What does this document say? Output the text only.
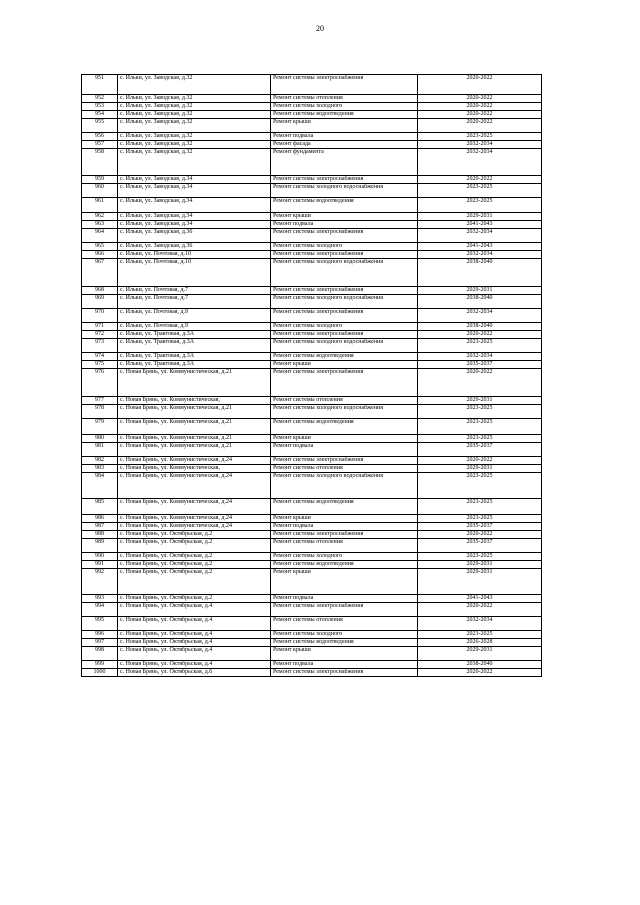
20
951	с. Ильки, ул. Заводская, д.32	Ремонт системы электроснабжения	2020-2022
952	с. Ильки, ул. Заводская, д.32	Ремонт системы отопления	2020-2022
953	с. Ильки, ул. Заводская, д.32	Ремонт системы холодного	2020-2022
954	с. Ильки, ул. Заводская, д.32	Ремонт системы водоотведения	2020-2022
955	с. Ильки, ул. Заводская, д.32	Ремонт крыши	2020-2022
956	с. Ильки, ул. Заводская, д.32	Ремонт подвала	2023-2025
957	с. Ильки, ул. Заводская, д.32	Ремонт фасада	2032-2034
958	с. Ильки, ул. Заводская, д.32	Ремонт фундамента	2032-2034
959	с. Ильки, ул. Заводская, д.34	Ремонт системы электроснабжения	2020-2022
960	с. Ильки, ул. Заводская, д.34	Ремонт системы холодного водоснабжения	2023-2025
961	с. Ильки, ул. Заводская, д.34	Ремонт системы водоотведения	2023-2025
962	с. Ильки, ул. Заводская, д.34	Ремонт крыши	2029-2031
963	с. Ильки, ул. Заводская, д.34	Ремонт подвала	2041-2043
964	с. Ильки, ул. Заводская, д.36	Ремонт системы электроснабжения	2032-2034
965	с. Ильки, ул. Заводская, д.36	Ремонт системы холодного	2041-2043
966	с. Ильки, ул. Почтовая, д.10	Ремонт системы электроснабжения	2032-2034
967	с. Ильки, ул. Почтовая, д.10	Ремонт системы холодного водоснабжения	2038-2040
968	с. Ильки, ул. Почтовая, д.7	Ремонт системы электроснабжения	2029-2031
969	с. Ильки, ул. Почтовая, д.7	Ремонт системы холодного водоснабжения	2038-2040
970	с. Ильки, ул. Почтовая, д.9	Ремонт системы электроснабжения	2032-2034
971	с. Ильки, ул. Почтовая, д.9	Ремонт системы холодного	2038-2040
972	с. Ильки, ул. Трактовая, д.3А	Ремонт системы электроснабжения	2020-2022
973	с. Ильки, ул. Трактовая, д.3А	Ремонт системы холодного водоснабжения	2023-2025
974	с. Ильки, ул. Трактовая, д.3А	Ремонт системы водоотведения	2032-2034
975	с. Ильки, ул. Трактовая, д.3А	Ремонт крыши	2035-2037
976	с. Новая Брянь, ул. Коммунистическая, д.21	Ремонт системы электроснабжения	2020-2022
977	с. Новая Брянь, ул. Коммунистическая,	Ремонт системы отопления	2029-2031
978	с. Новая Брянь, ул. Коммунистическая, д.21	Ремонт системы холодного водоснабжения	2023-2025
979	с. Новая Брянь, ул. Коммунистическая, д.21	Ремонт системы водоотведения	2023-2025
980	с. Новая Брянь, ул. Коммунистическая, д.21	Ремонт крыши	2023-2025
981	с. Новая Брянь, ул. Коммунистическая, д.21	Ремонт подвала	2035-2037
982	с. Новая Брянь, ул. Коммунистическая, д.24	Ремонт системы электроснабжения	2020-2022
983	с. Новая Брянь, ул. Коммунистическая,	Ремонт системы отопления	2029-2031
984	с. Новая Брянь, ул. Коммунистическая, д.24	Ремонт системы холодного водоснабжения	2023-2025
985	с. Новая Брянь, ул. Коммунистическая, д.24	Ремонт системы водоотведения	2023-2025
986	с. Новая Брянь, ул. Коммунистическая, д.24	Ремонт крыши	2023-2025
987	с. Новая Брянь, ул. Коммунистическая, д.24	Ремонт подвала	2035-2037
988	с. Новая Брянь, ул. Октябрьская, д.2	Ремонт системы электроснабжения	2020-2022
989	с. Новая Брянь, ул. Октябрьская, д.2	Ремонт системы отопления	2035-2037
990	с. Новая Брянь, ул. Октябрьская, д.2	Ремонт системы холодного	2023-2025
991	с. Новая Брянь, ул. Октябрьская, д.2	Ремонт системы водоотведения	2029-2031
992	с. Новая Брянь, ул. Октябрьская, д.2	Ремонт крыши	2029-2031
993	с. Новая Брянь, ул. Октябрьская, д.2	Ремонт подвала	2041-2043
994	с. Новая Брянь, ул. Октябрьская, д.4	Ремонт системы электроснабжения	2020-2022
995	с. Новая Брянь, ул. Октябрьская, д.4	Ремонт системы отопления	2032-2034
996	с. Новая Брянь, ул. Октябрьская, д.4	Ремонт системы холодного	2023-2025
997	с. Новая Брянь, ул. Октябрьская, д.4	Ремонт системы водоотведения	2026-2028
998	с. Новая Брянь, ул. Октябрьская, д.4	Ремонт крыши	2029-2031
999	с. Новая Брянь, ул. Октябрьская, д.4	Ремонт подвала	2038-2040
1000	с. Новая Брянь, ул. Октябрьская, д.6	Ремонт системы электроснабжения	2020-2022
